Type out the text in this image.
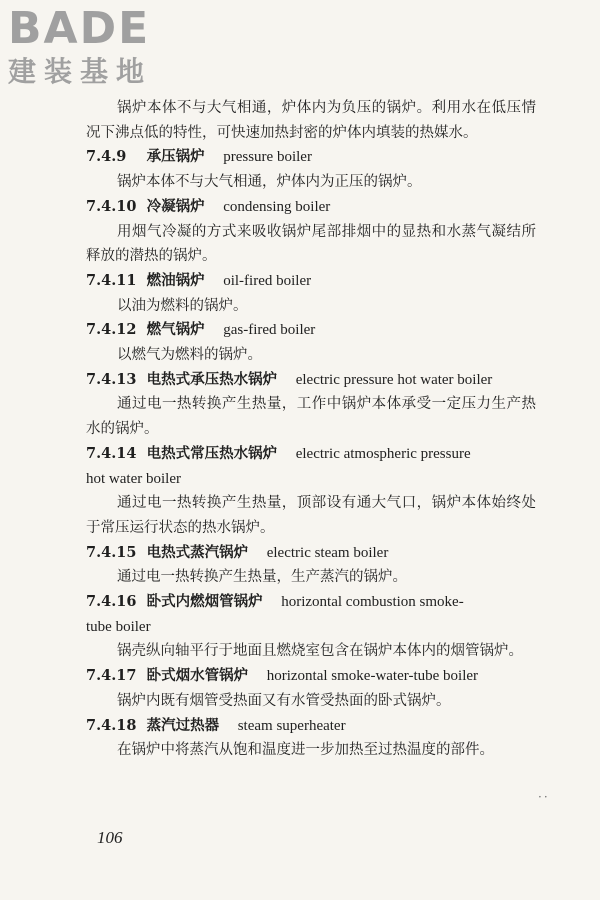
BADE
建装基地

锅炉本体不与大气相通，炉体内为负压的锅炉。利用水在低压情况下沸点低的特性，可快速加热封密的炉体内填装的热媒水。

7.4.9 承压锅炉 pressure boiler

锅炉本体不与大气相通，炉体内为正压的锅炉。

7.4.10 冷凝锅炉 condensing boiler

用烟气冷凝的方式来吸收锅炉尾部排烟中的显热和水蒸气凝结所释放的潜热的锅炉。

7.4.11 燃油锅炉 oil-fired boiler

以油为燃料的锅炉。

7.4.12 燃气锅炉 gas-fired boiler

以燃气为燃料的锅炉。

7.4.13 电热式承压热水锅炉 electric pressure hot water boiler

通过电一热转换产生热量，工作中锅炉本体承受一定压力生产热水的锅炉。

7.4.14 电热式常压热水锅炉 electric atmospheric pressure

hot water boiler

通过电一热转换产生热量，顶部设有通大气口，锅炉本体始终处于常压运行状态的热水锅炉。

7.4.15 电热式蒸汽锅炉 electric steam boiler

通过电一热转换产生热量，生产蒸汽的锅炉。

7.4.16 卧式内燃烟管锅炉 horizontal combustion smoke-

tube boiler

锅壳纵向轴平行于地面且燃烧室包含在锅炉本体内的烟管锅炉。

7.4.17 卧式烟水管锅炉 horizontal smoke-water-tube boiler

锅炉内既有烟管受热面又有水管受热面的卧式锅炉。

7.4.18 蒸汽过热器 steam superheater

在锅炉中将蒸汽从饱和温度进一步加热至过热温度的部件。

··
106
